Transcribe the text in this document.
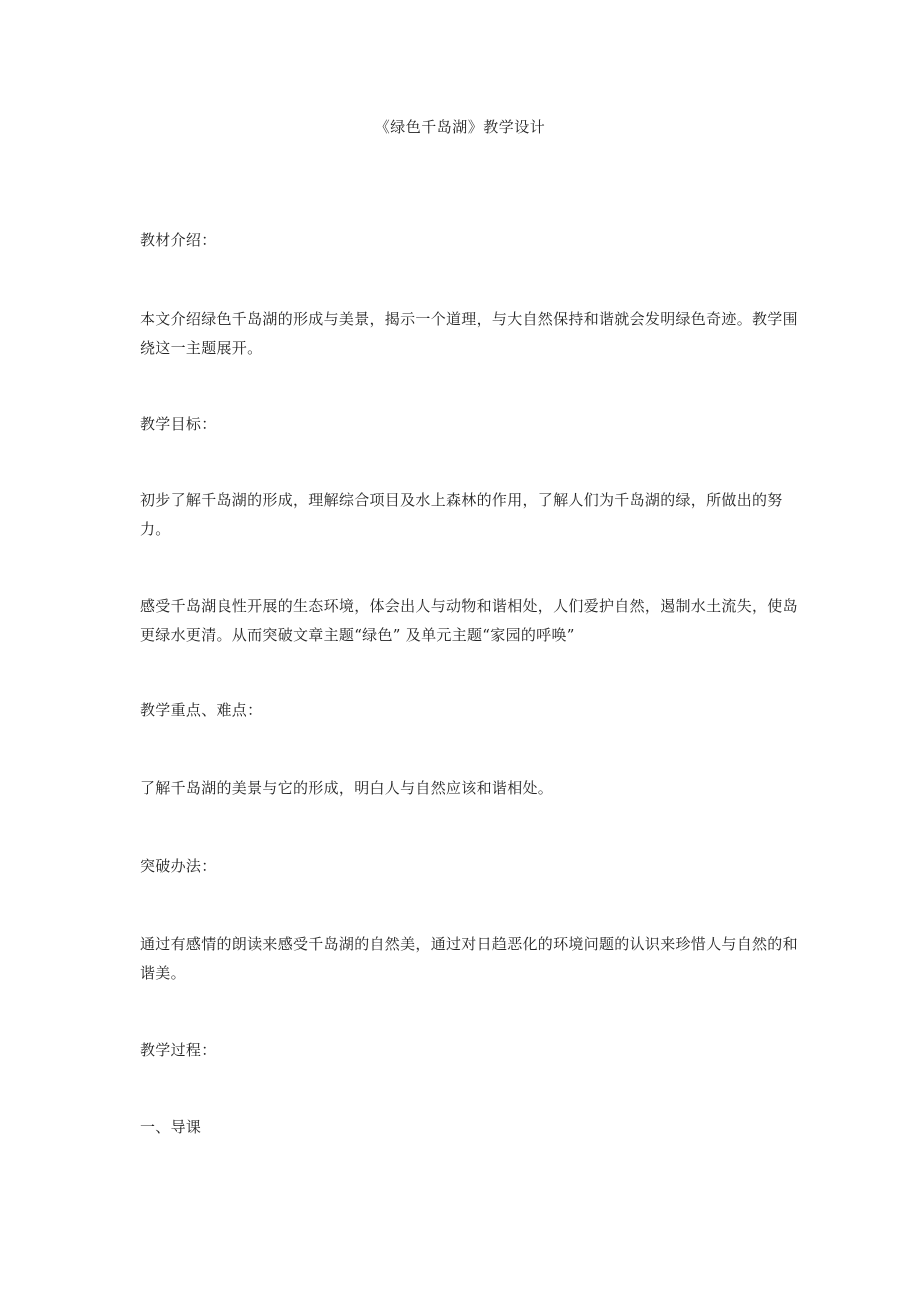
《绿色千岛湖》教学设计

教材介绍：

本文介绍绿色千岛湖的形成与美景，揭示一个道理，与大自然保持和谐就会发明绿色奇迹。教学围绕这一主题展开。

教学目标：

初步了解千岛湖的形成，理解综合项目及水上森林的作用，了解人们为千岛湖的绿，所做出的努力。

感受千岛湖良性开展的生态环境，体会出人与动物和谐相处，人们爱护自然，遏制水土流失，使岛更绿水更清。从而突破文章主题“绿色” 及单元主题“家园的呼唤”

教学重点、难点：

了解千岛湖的美景与它的形成，明白人与自然应该和谐相处。

突破办法：

通过有感情的朗读来感受千岛湖的自然美，通过对日趋恶化的环境问题的认识来珍惜人与自然的和谐美。

教学过程：

一、导课
